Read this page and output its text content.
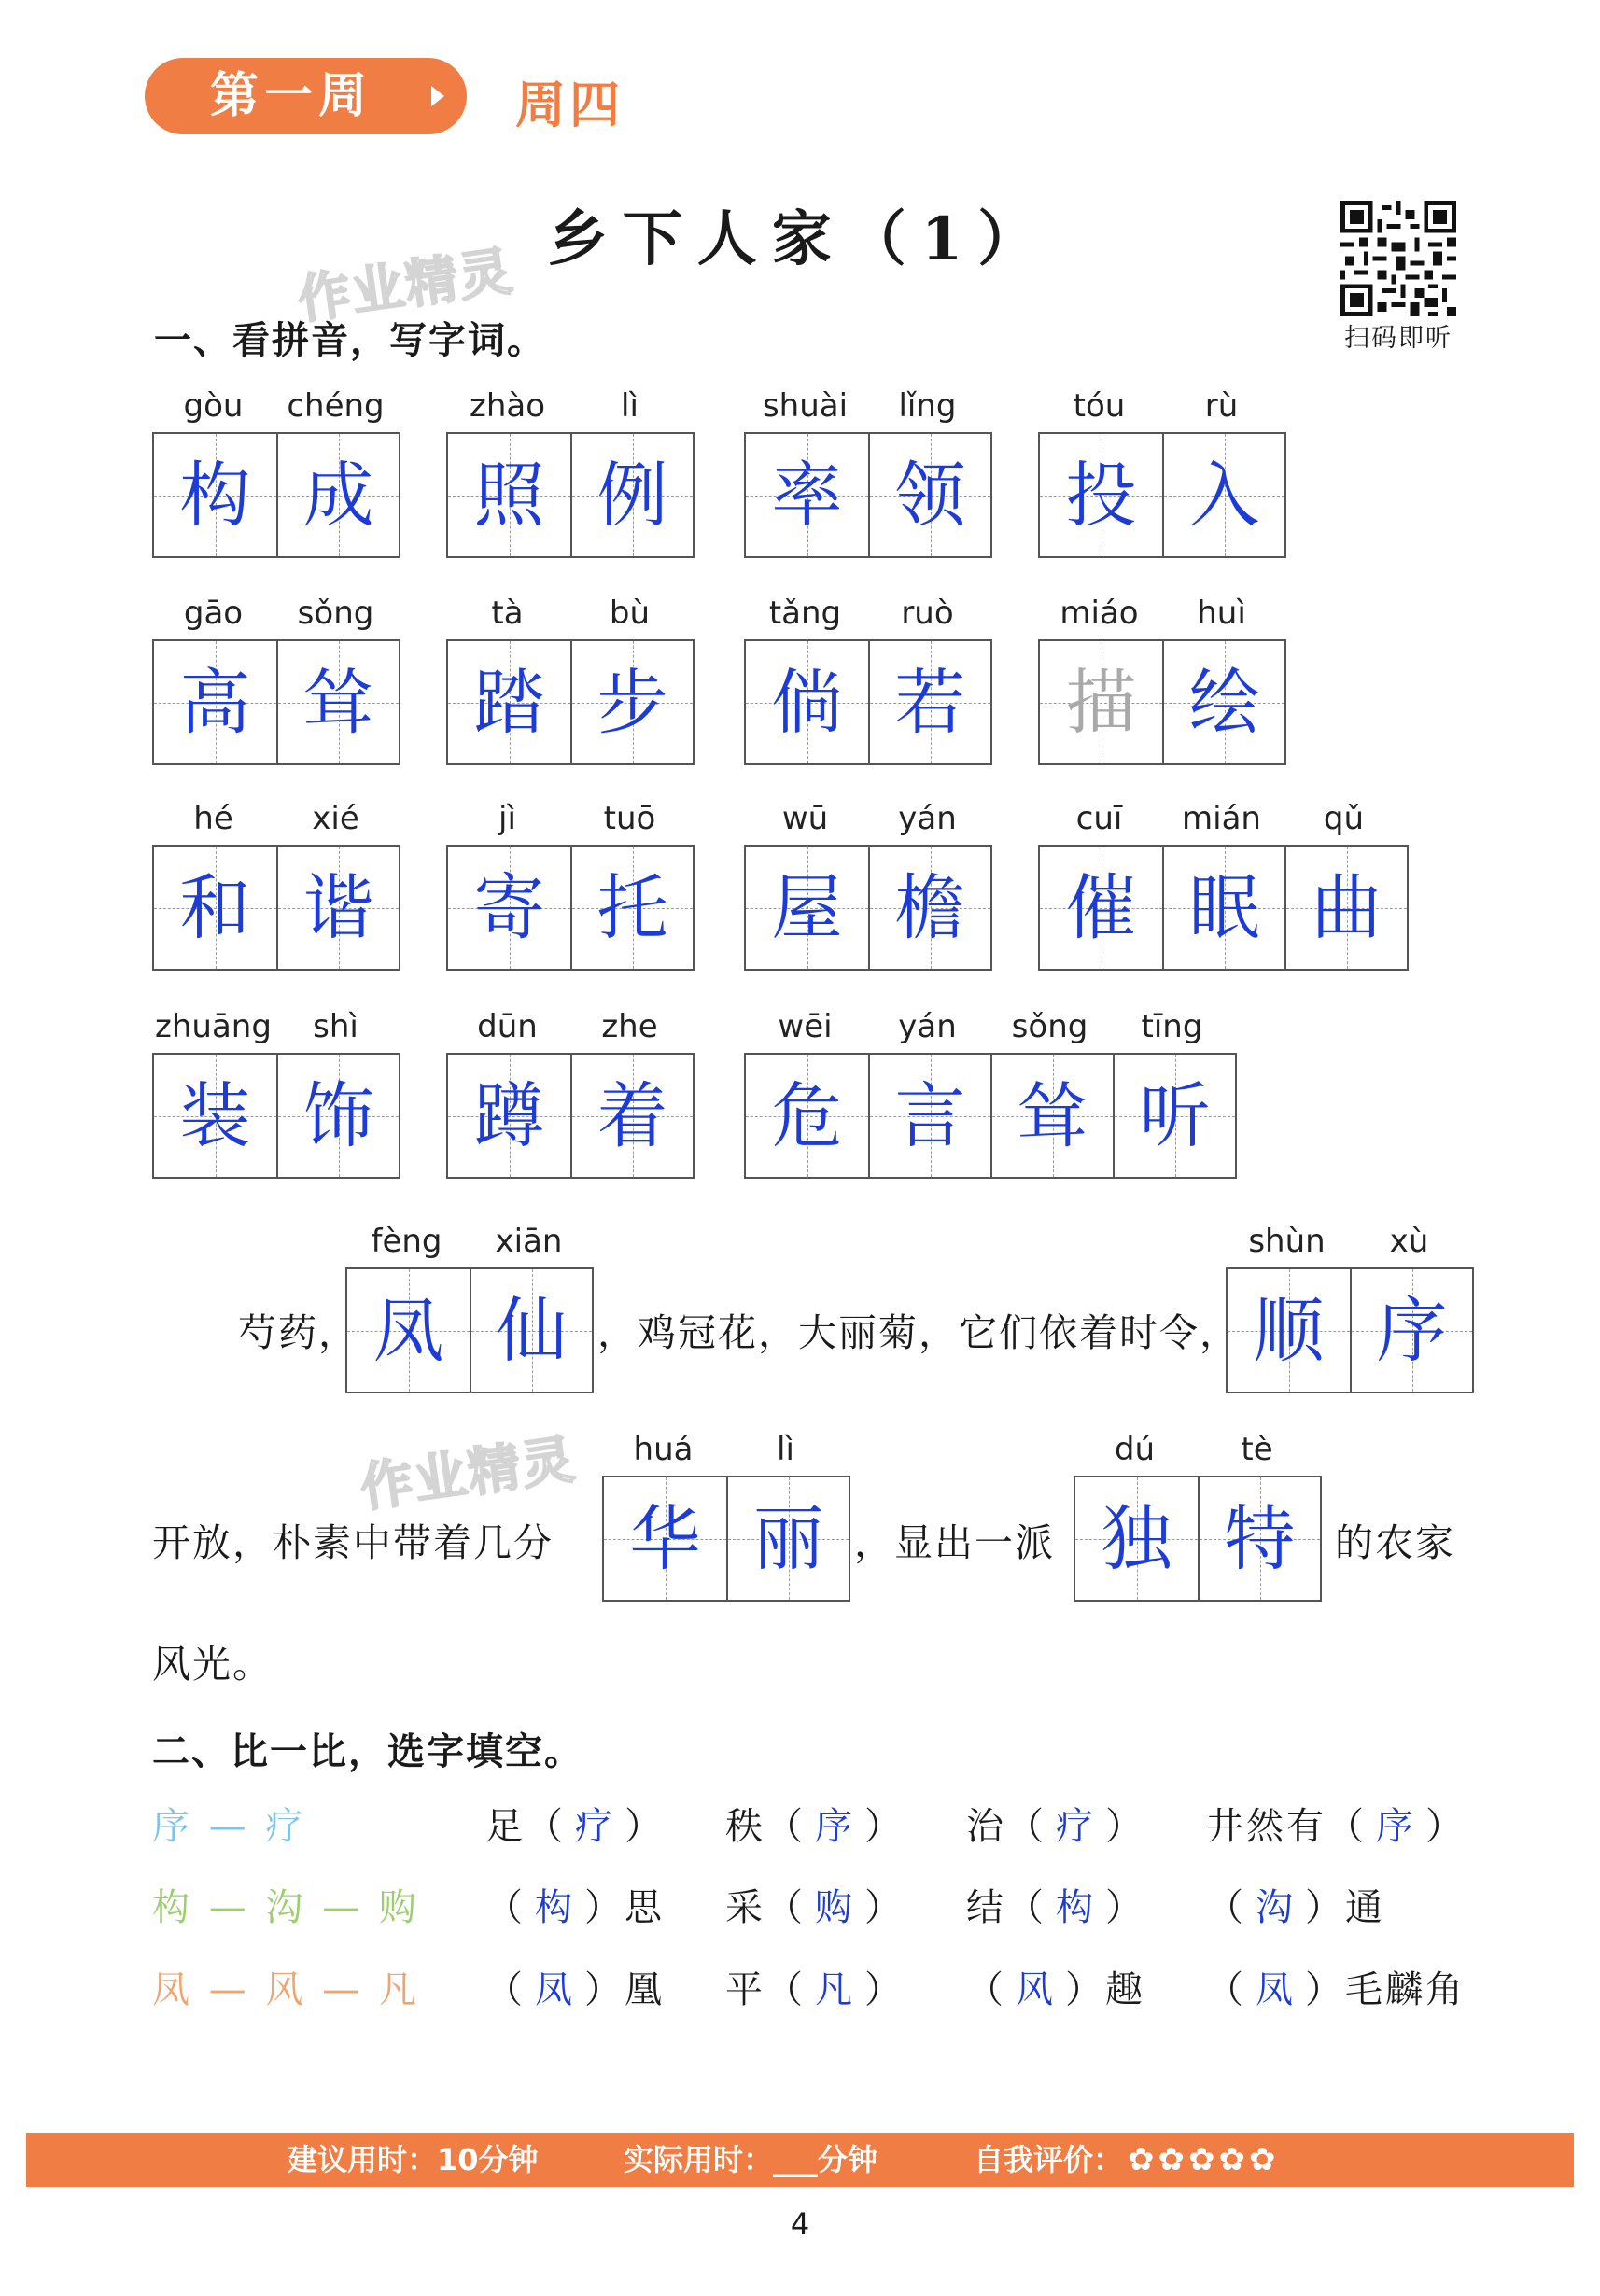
第一周	周四
乡下人家（1）
扫码即听
作业精灵
作业精灵
一、看拼音，写字词。
gòu	chéng
构 成
zhào	lì
照 例
shuài	lǐng
率 领
tóu	rù
投 入
gāo	sǒng
高 耸
tà	bù
踏 步
tǎng	ruò
倘 若
miáo	huì
描 绘
hé	xié
和 谐
jì	tuō
寄 托
wū	yán
屋 檐
cuī	mián	qǔ
催 眠 曲
zhuāng	shì
装 饰
dūn	zhe
蹲 着
wēi	yán	sǒng	tīng
危 言 耸 听
芍药，
fèng	xiān
凤 仙 ，鸡冠花，大丽菊，它们依着时令，
shùn	xù
顺 序
开放，朴素中带着几分
huá	lì
华 丽 ，显出一派
dú	tè
独 特 的农家
风光。
二、比一比，选字填空。
序 — 疗	足（ 疗 ） 秩（ 序 ） 治（ 疗 ） 井然有（ 序 ）
构 — 沟 — 购 （ 构 ）思 采（ 购 ） 结（ 构 ） （ 沟 ）通
凤 — 风 — 凡 （ 凤 ）凰 平（ 凡 ） （ 风 ）趣 （ 凤 ）毛麟角
建议用时：10分钟	实际用时：___分钟	自我评价： ✿ ✿ ✿ ✿ ✿
4
